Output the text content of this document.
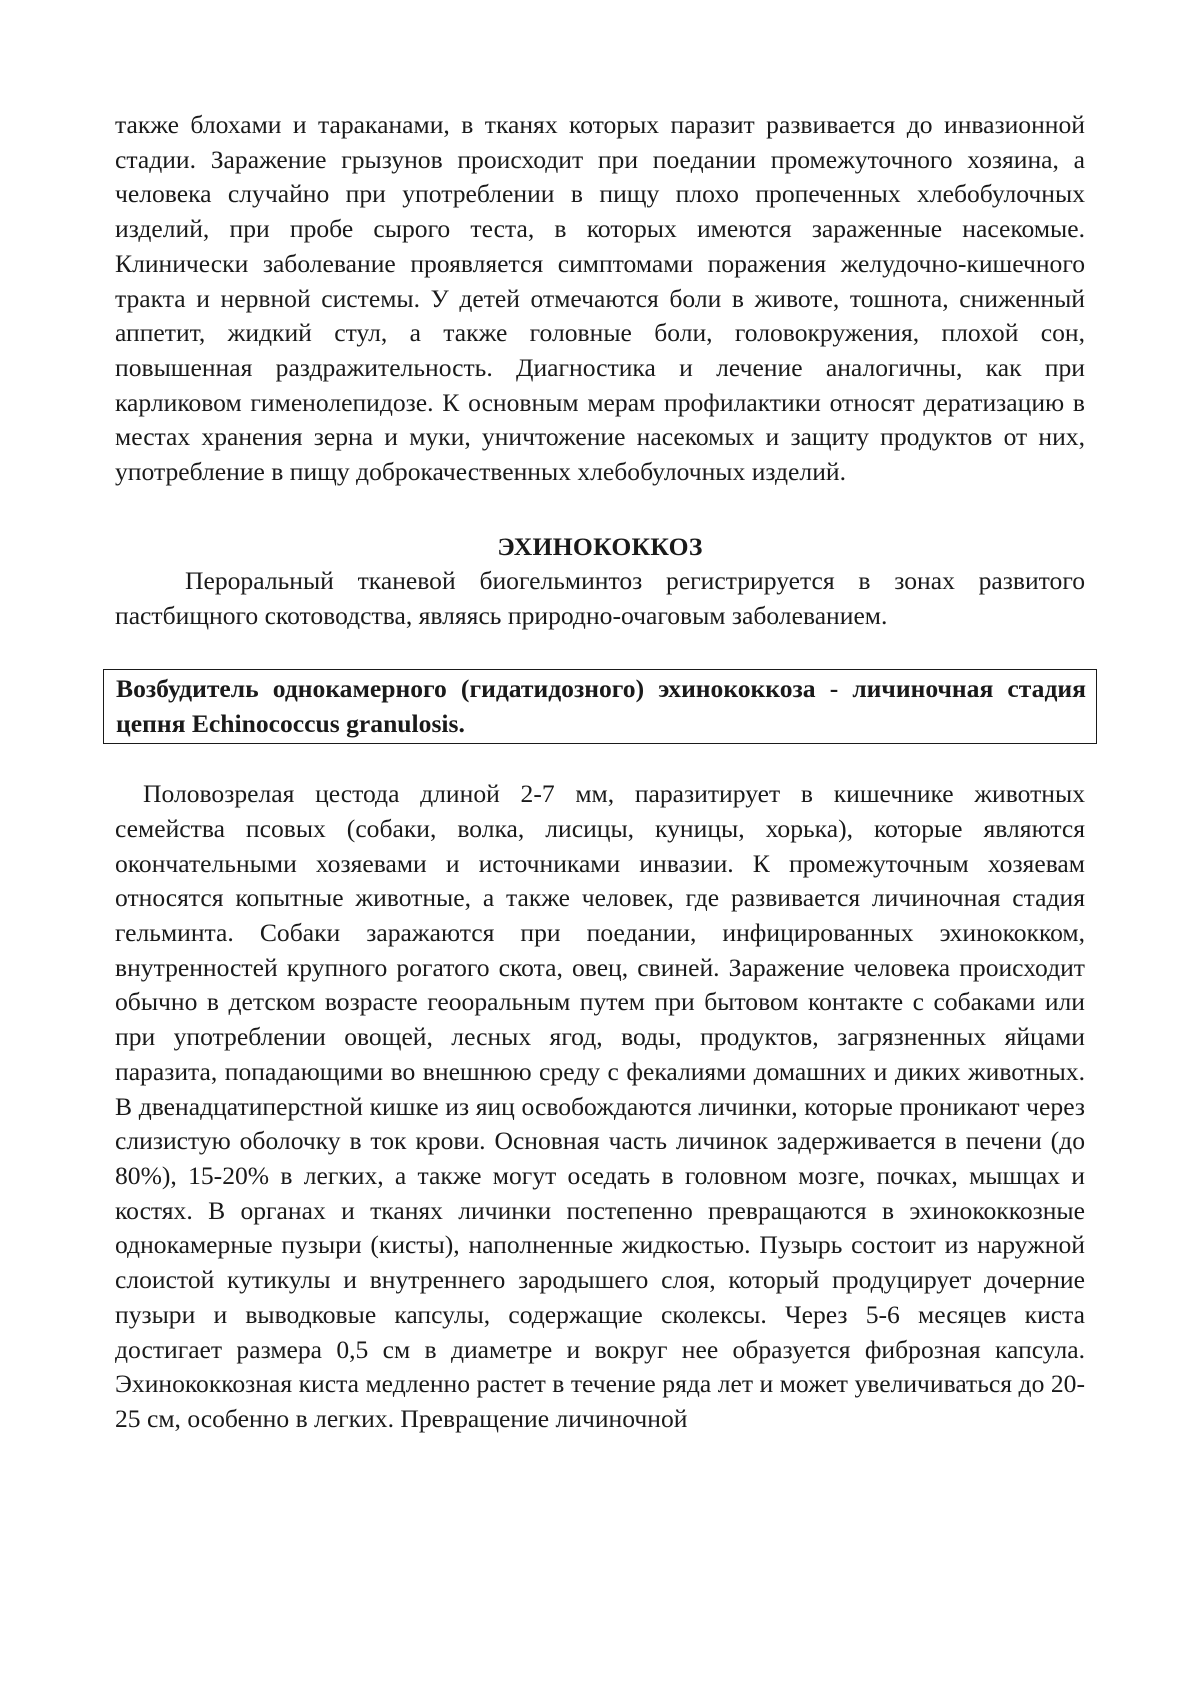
также блохами и тараканами, в тканях которых паразит развивается до инвазионной стадии. Заражение грызунов происходит при поедании промежуточного хозяина, а человека случайно при употреблении в пищу плохо пропеченных хлебобулочных изделий, при пробе сырого теста, в которых имеются зараженные насекомые. Клинически заболевание проявляется симптомами поражения желудочно-кишечного тракта и нервной системы. У детей отмечаются боли в животе, тошнота, сниженный аппетит, жидкий стул, а также головные боли, головокружения, плохой сон, повышенная раздражительность. Диагностика и лечение аналогичны, как при карликовом гименолепидозе. К основным мерам профилактики относят дератизацию в местах хранения зерна и муки, уничтожение насекомых и защиту продуктов от них, употребление в пищу доброкачественных хлебобулочных изделий.

ЭХИНОКОККОЗ

Пероральный тканевой биогельминтоз регистрируется в зонах развитого пастбищного скотоводства, являясь природно-очаговым заболеванием.

Возбудитель однокамерного (гидатидозного) эхинококкоза - личиночная стадия цепня Echinococcus granulosis.

Половозрелая цестода длиной 2-7 мм, паразитирует в кишечнике животных семейства псовых (собаки, волка, лисицы, куницы, хорька), которые являются окончательными хозяевами и источниками инвазии. К промежуточным хозяевам относятся копытные животные, а также человек, где развивается личиночная стадия гельминта. Собаки заражаются при поедании, инфицированных эхинококком, внутренностей крупного рогатого скота, овец, свиней. Заражение человека происходит обычно в детском возрасте геооральным путем при бытовом контакте с собаками или при употреблении овощей, лесных ягод, воды, продуктов, загрязненных яйцами паразита, попадающими во внешнюю среду с фекалиями домашних и диких животных. В двенадцатиперстной кишке из яиц освобождаются личинки, которые проникают через слизистую оболочку в ток крови. Основная часть личинок задерживается в печени (до 80%), 15-20% в легких, а также могут оседать в головном мозге, почках, мышцах и костях. В органах и тканях личинки постепенно превращаются в эхинококкозные однокамерные пузыри (кисты), наполненные жидкостью. Пузырь состоит из наружной слоистой кутикулы и внутреннего зародышего слоя, который продуцирует дочерние пузыри и выводковые капсулы, содержащие сколексы. Через 5-6 месяцев киста достигает размера 0,5 см в диаметре и вокруг нее образуется фиброзная капсула. Эхинококкозная киста медленно растет в течение ряда лет и может увеличиваться до 20-25 см, особенно в легких. Превращение личиночной
